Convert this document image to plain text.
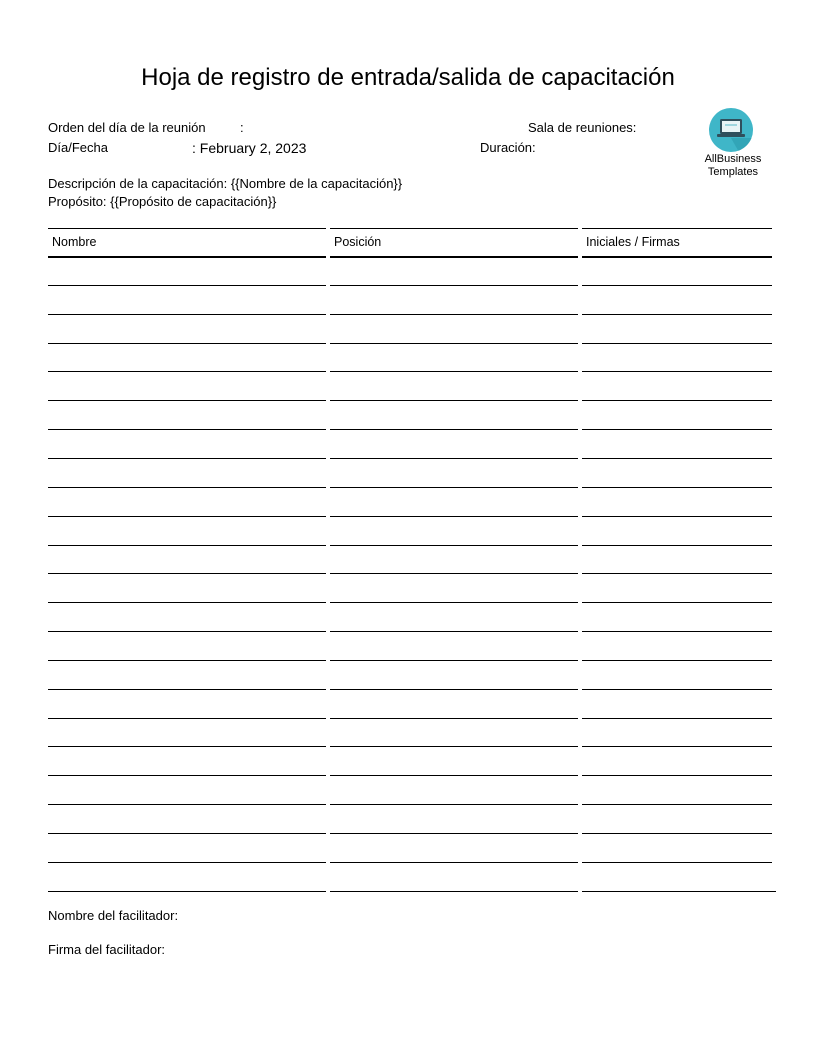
Hoja de registro de entrada/salida de capacitación
Orden del día de la reunión	:	Sala de reuniones:
Día/Fecha	: February 2, 2023	Duración:
Descripción de la capacitación: {{Nombre de la capacitación}}
Propósito: {{Propósito de capacitación}}
AllBusiness
Templates
Nombre	Posición	Iniciales / Firmas
Nombre del facilitador:
Firma del facilitador:
